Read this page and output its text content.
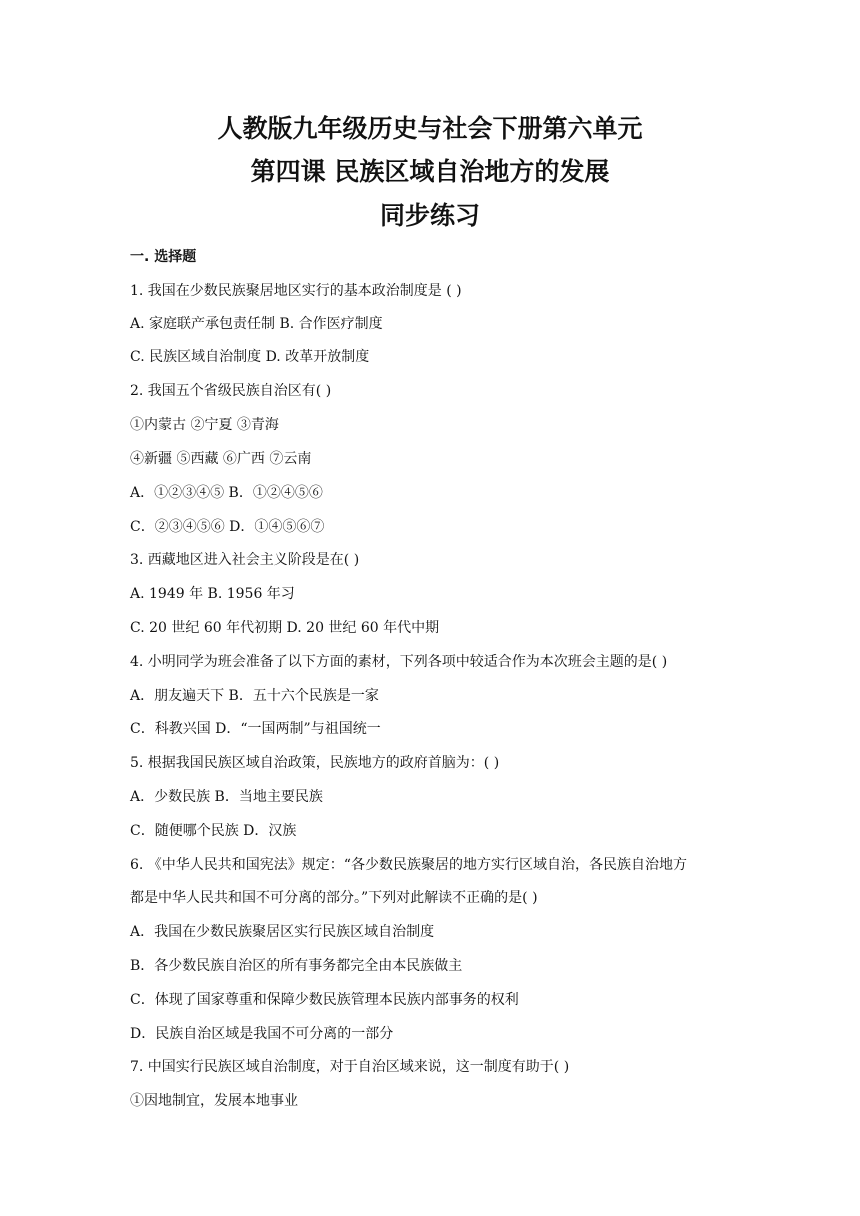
人教版九年级历史与社会下册第六单元
第四课 民族区域自治地方的发展
同步练习

一. 选择题

1. 我国在少数民族聚居地区实行的基本政治制度是 ( )

A. 家庭联产承包责任制 B. 合作医疗制度

C. 民族区域自治制度 D. 改革开放制度

2. 我国五个省级民族自治区有( )

①内蒙古 ②宁夏 ③青海

④新疆 ⑤西藏 ⑥广西 ⑦云南

A．①②③④⑤ B．①②④⑤⑥

C．②③④⑤⑥ D．①④⑤⑥⑦

3. 西藏地区进入社会主义阶段是在( )

A. 1949 年 B. 1956 年习

C. 20 世纪 60 年代初期 D. 20 世纪 60 年代中期

4. 小明同学为班会准备了以下方面的素材，下列各项中较适合作为本次班会主题的是( )

A．朋友遍天下 B．五十六个民族是一家

C．科教兴国 D．“一国两制”与祖国统一

5. 根据我国民族区域自治政策，民族地方的政府首脑为：( )

A．少数民族 B．当地主要民族

C．随便哪个民族 D．汉族

6. 《中华人民共和国宪法》规定：“各少数民族聚居的地方实行区域自治，各民族自治地方

都是中华人民共和国不可分离的部分。”下列对此解读不正确的是( )

A．我国在少数民族聚居区实行民族区域自治制度

B．各少数民族自治区的所有事务都完全由本民族做主

C．体现了国家尊重和保障少数民族管理本民族内部事务的权利

D．民族自治区域是我国不可分离的一部分

7. 中国实行民族区域自治制度，对于自治区域来说，这一制度有助于( )

①因地制宜，发展本地事业
